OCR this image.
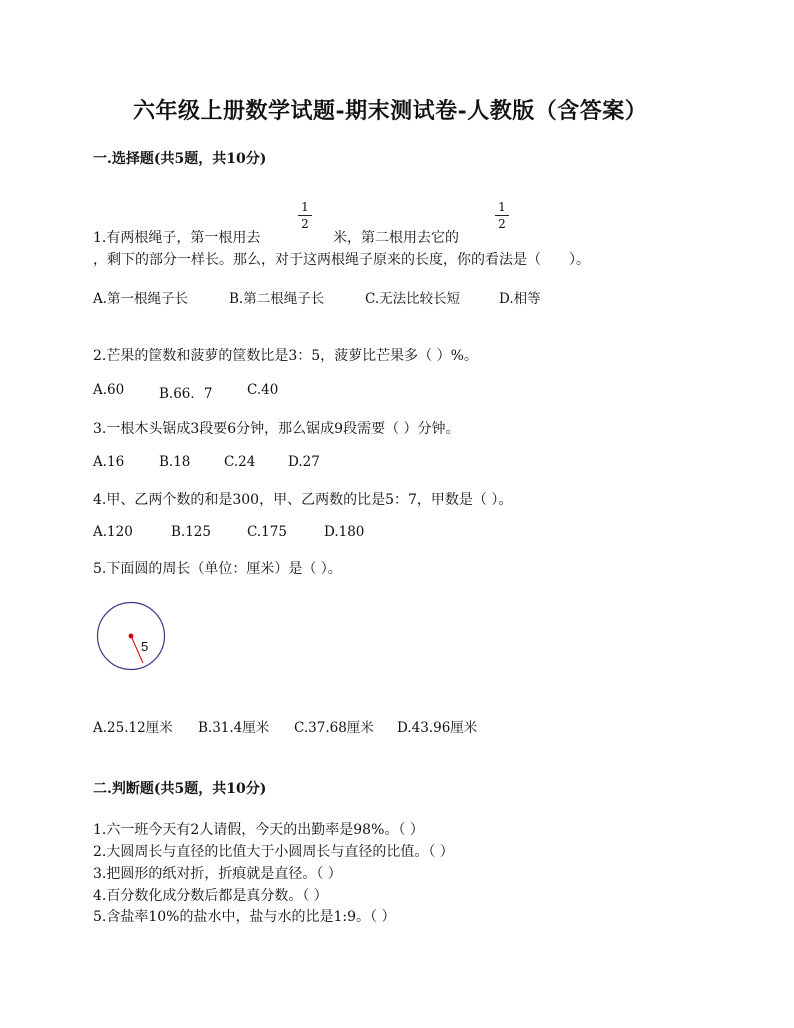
六年级上册数学试题-期末测试卷-人教版（含答案）
一.选择题(共5题，共10分)
1.有两根绳子，第一根用去
1
2
米，第二根用去它的
1
2
，剩下的部分一样长。那么，对于这两根绳子原来的长度，你的看法是（　　）。
A.第一根绳子长	B.第二根绳子长	C.无法比较长短	D.相等
2.芒果的筐数和菠萝的筐数比是3：5，菠萝比芒果多（ ）%。
A.60	B.66．7	C.40
3.一根木头锯成3段要6分钟，那么锯成9段需要（ ）分钟。
A.16	B.18 C.24 D.27
4.甲、乙两个数的和是300，甲、乙两数的比是5：7，甲数是（ ）。
A.120	B.125	C.175	D.180
5.下面圆的周长（单位：厘米）是（ ）。
5
A.25.12厘米 B.31.4厘米 C.37.68厘米 D.43.96厘米
二.判断题(共5题，共10分)
1.六一班今天有2人请假，今天的出勤率是98%。（ ）
2.大圆周长与直径的比值大于小圆周长与直径的比值。（ ）
3.把圆形的纸对折，折痕就是直径。（ ）
4.百分数化成分数后都是真分数。（ ）
5.含盐率10%的盐水中，盐与水的比是1:9。（ ）
